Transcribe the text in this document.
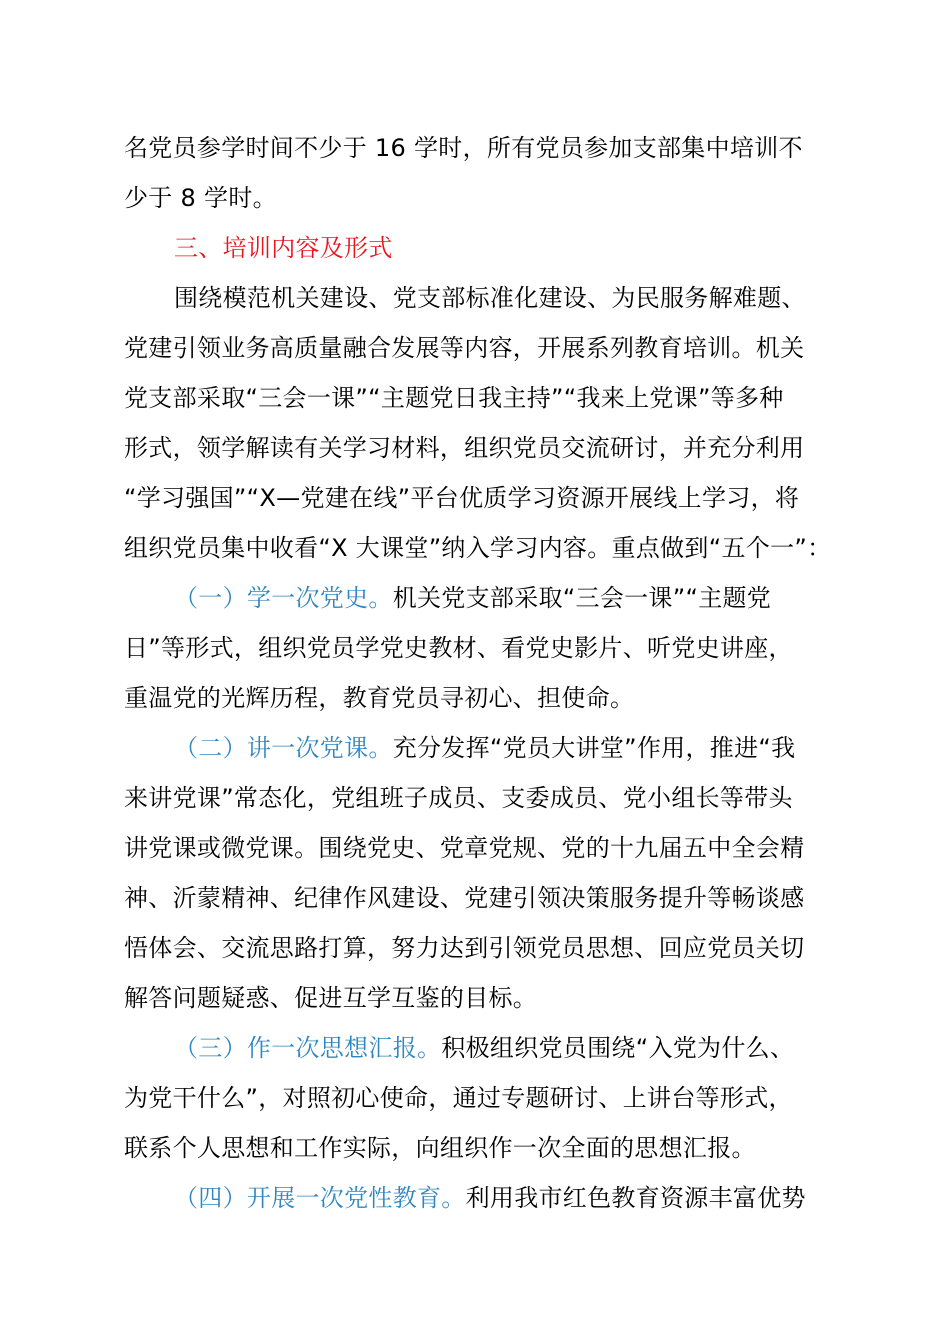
名党员参学时间不少于 16 学时，所有党员参加支部集中培训不
少于 8 学时。
三、培训内容及形式
围绕模范机关建设、党支部标准化建设、为民服务解难题、
党建引领业务高质量融合发展等内容，开展系列教育培训。机关
党支部采取“三会一课”“主题党日我主持”“我来上党课”等多种
形式，领学解读有关学习材料，组织党员交流研讨，并充分利用
“学习强国”“X—党建在线”平台优质学习资源开展线上学习，将
组织党员集中收看“X 大课堂”纳入学习内容。重点做到“五个一”：
（一）学一次党史。机关党支部采取“三会一课”“主题党
日”等形式，组织党员学党史教材、看党史影片、听党史讲座，
重温党的光辉历程，教育党员寻初心、担使命。
（二）讲一次党课。充分发挥“党员大讲堂”作用，推进“我
来讲党课”常态化，党组班子成员、支委成员、党小组长等带头
讲党课或微党课。围绕党史、党章党规、党的十九届五中全会精
神、沂蒙精神、纪律作风建设、党建引领决策服务提升等畅谈感
悟体会、交流思路打算，努力达到引领党员思想、回应党员关切
解答问题疑惑、促进互学互鉴的目标。
（三）作一次思想汇报。积极组织党员围绕“入党为什么、
为党干什么”，对照初心使命，通过专题研讨、上讲台等形式，
联系个人思想和工作实际，向组织作一次全面的思想汇报。
（四）开展一次党性教育。利用我市红色教育资源丰富优势
